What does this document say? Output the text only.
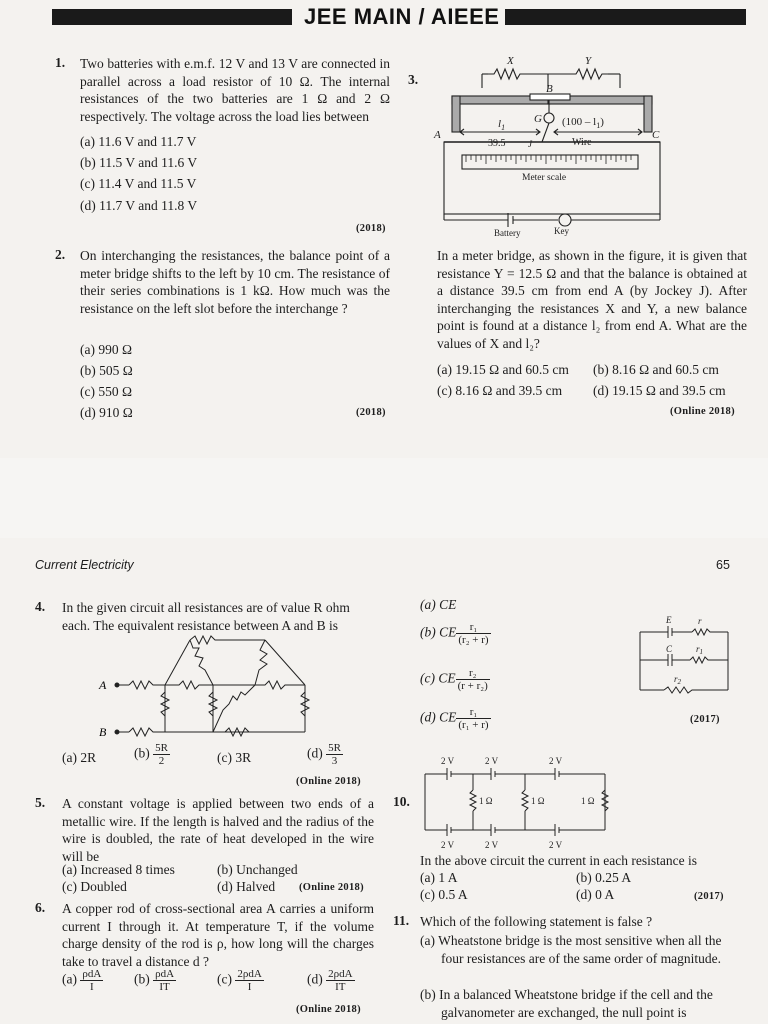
JEE MAIN / AIEEE
1. Two batteries with e.m.f. 12 V and 13 V are connected in parallel across a load resistor of 10 Ω. The internal resistances of the two batteries are 1 Ω and 2 Ω respectively. The voltage across the load lies between
(a) 11.6 V and 11.7 V
(b) 11.5 V and 11.6 V
(c) 11.4 V and 11.5 V
(d) 11.7 V and 11.8 V
(2018)
2. On interchanging the resistances, the balance point of a meter bridge shifts to the left by 10 cm. The resistance of their series combinations is 1 kΩ. How much was the resistance on the left slot before the interchange ?
(a) 990 Ω
(b) 505 Ω
(c) 550 Ω
(d) 910 Ω	(2018)
3.
X	Y
B
G
$l_1$	$(100 - l_1)$
A	C
39.5	J	Wire
Meter scale
Battery	Key
In a meter bridge, as shown in the figure, it is given that resistance Y = 12.5 Ω and that the balance is obtained at a distance 39.5 cm from end A (by Jockey J). After interchanging the resistances X and Y, a new balance point is found at a distance l₂ from end A. What are the values of X and l₂?
(a) 19.15 Ω and 60.5 cm (b) 8.16 Ω and 60.5 cm
(c) 8.16 Ω and 39.5 cm (d) 19.15 Ω and 39.5 cm
(Online 2018)
Current Electricity	65
4. In the given circuit all resistances are of value R ohm each. The equivalent resistance between A and B is
A
B
(a) 2R	$(b) \frac{5R}{2}$	(c) 3R	$(d) \frac{5R}{3}$
(Online 2018)
5. A constant voltage is applied between two ends of a metallic wire. If the length is halved and the radius of the wire is doubled, the rate of heat developed in the wire will be
(a) Increased 8 times	(b) Unchanged
(c) Doubled	(d) Halved (Online 2018)
6. A copper rod of cross-sectional area A carries a uniform current I through it. At temperature T, if the volume charge density of the rod is ρ, how long will the charges take to travel a distance d ?
$(a) \frac{\text{ρdA}}{I} (b) \frac{\text{ρdA}}{IT}$	$(c) \frac{\text{2ρdA}}{I}$	$(d) \frac{\text{2ρdA}}{IT}$
(Online 2018)
(a) CE
(b) CE $\frac{\text{r₁}}{\text{(r₂ + r)}}$
(c) CE $\frac{\text{r₂}}{\text{(r + r₂)}}$
(d) CE $\frac{\text{r₁}}{\text{(r₁ + r)}}$
E	r
C	$r_1$
$r_2$
(2017)
10.
2 V	2 V	2 V
2 V	2 V	2 V
1 Ω	1 Ω	1 Ω
In the above circuit the current in each resistance is
(a) 1 A	(b) 0.25 A
(c) 0.5 A	(d) 0 A	(2017)
11. Which of the following statement is false ?
(a) Wheatstone bridge is the most sensitive when all the four resistances are of the same order of magnitude.
(b) In a balanced Wheatstone bridge if the cell and the galvanometer are exchanged, the null point is
